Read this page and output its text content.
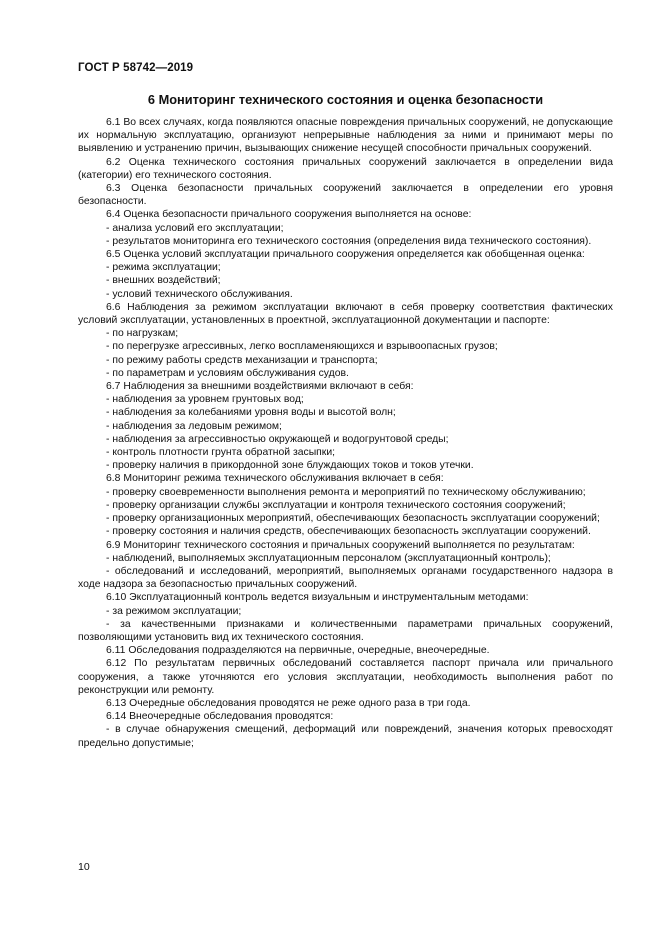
ГОСТ Р 58742—2019
6 Мониторинг технического состояния и оценка безопасности

6.1 Во всех случаях, когда появляются опасные повреждения причальных сооружений, не допускающие их нормальную эксплуатацию, организуют непрерывные наблюдения за ними и принимают меры по выявлению и устранению причин, вызывающих снижение несущей способности причальных сооружений.

6.2 Оценка технического состояния причальных сооружений заключается в определении вида (категории) его технического состояния.

6.3 Оценка безопасности причальных сооружений заключается в определении его уровня безопасности.

6.4 Оценка безопасности причального сооружения выполняется на основе:

- анализа условий его эксплуатации;

- результатов мониторинга его технического состояния (определения вида технического состояния).

6.5 Оценка условий эксплуатации причального сооружения определяется как обобщенная оценка:

- режима эксплуатации;

- внешних воздействий;

- условий технического обслуживания.

6.6 Наблюдения за режимом эксплуатации включают в себя проверку соответствия фактических условий эксплуатации, установленных в проектной, эксплуатационной документации и паспорте:

- по нагрузкам;

- по перегрузке агрессивных, легко воспламеняющихся и взрывоопасных грузов;

- по режиму работы средств механизации и транспорта;

- по параметрам и условиям обслуживания судов.

6.7 Наблюдения за внешними воздействиями включают в себя:

- наблюдения за уровнем грунтовых вод;

- наблюдения за колебаниями уровня воды и высотой волн;

- наблюдения за ледовым режимом;

- наблюдения за агрессивностью окружающей и водогрунтовой среды;

- контроль плотности грунта обратной засыпки;

- проверку наличия в прикордонной зоне блуждающих токов и токов утечки.

6.8 Мониторинг режима технического обслуживания включает в себя:

- проверку своевременности выполнения ремонта и мероприятий по техническому обслуживанию;

- проверку организации службы эксплуатации и контроля технического состояния сооружений;

- проверку организационных мероприятий, обеспечивающих безопасность эксплуатации сооружений;

- проверку состояния и наличия средств, обеспечивающих безопасность эксплуатации сооружений.

6.9 Мониторинг технического состояния и причальных сооружений выполняется по результатам:

- наблюдений, выполняемых эксплуатационным персоналом (эксплуатационный контроль);

- обследований и исследований, мероприятий, выполняемых органами государственного надзора в ходе надзора за безопасностью причальных сооружений.

6.10 Эксплуатационный контроль ведется визуальным и инструментальным методами:

- за режимом эксплуатации;

- за качественными признаками и количественными параметрами причальных сооружений, позволяющими установить вид их технического состояния.

6.11 Обследования подразделяются на первичные, очередные, внеочередные.

6.12 По результатам первичных обследований составляется паспорт причала или причального сооружения, а также уточняются его условия эксплуатации, необходимость выполнения работ по реконструкции или ремонту.

6.13 Очередные обследования проводятся не реже одного раза в три года.

6.14 Внеочередные обследования проводятся:

- в случае обнаружения смещений, деформаций или повреждений, значения которых превосходят предельно допустимые;

10
